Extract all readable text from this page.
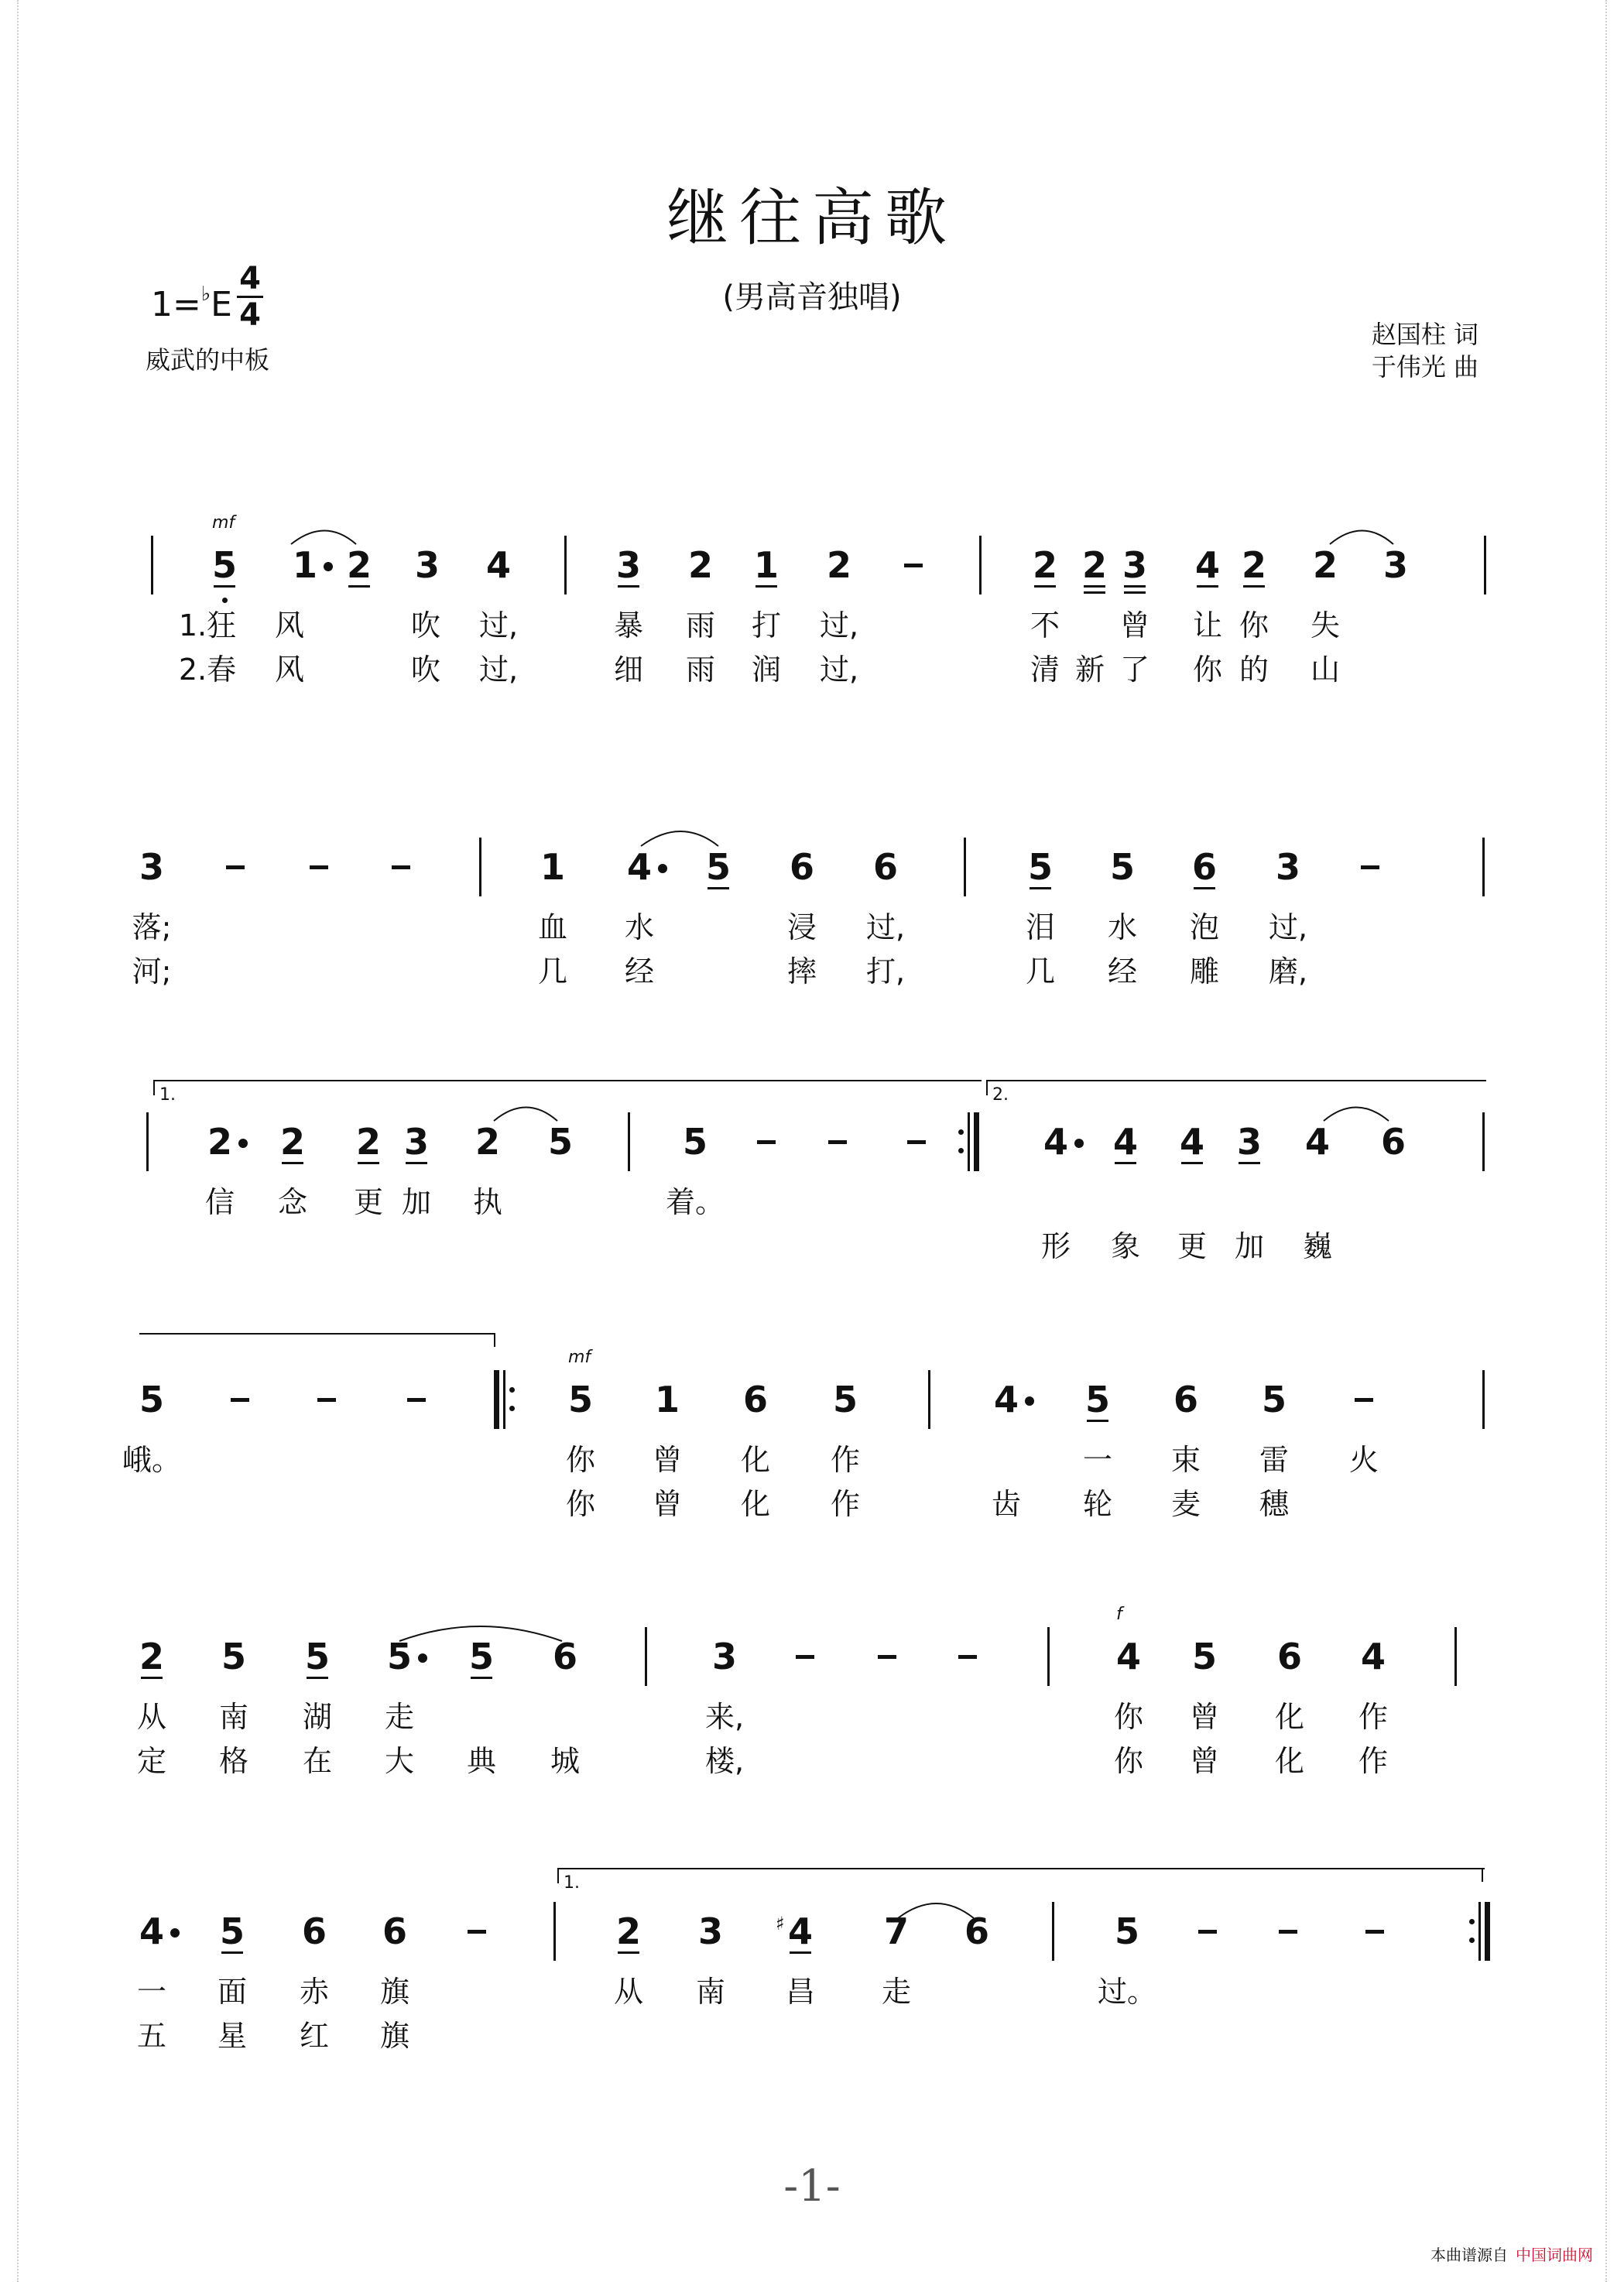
继往高歌
(男高音独唱)
1=♭E
4
4
威武的中板
赵国柱 词
于伟光 曲
5
mf
1 2 3 4	3 2 1 2	2 2 3 4 2 2 3
1.狂	风	吹	过,	暴	雨	打	过,	不	曾	让 你	失
2.春	风	吹	过,	细	雨	润	过,	清 新 了	你 的	山
3	1 4 5 6 6	5 5 6 3
落;	血	水	浸	过,	泪	水	泡	过,
河;	几	经	摔	打,	几	经	雕	磨,
2 2 2 3 2 5	5	4 4 4 3 4 6
信	念	更 加	执	着。
形	象	更 加	巍
1.	2.
5	5
mf
1 6 5	4 5 6 5
峨。	你	曾	化	作	一	束	雷	火
你	曾	化	作	齿	轮	麦	穗
2 5 5 5 5 6	3	4
f
5 6 4
从	南	湖	走	来,	你	曾	化	作
定	格	在	大	典	城	楼,	你	曾	化	作
4 5 6 6	2 3 4
♯	7 6	5
一	面	赤	旗	从	南	昌	走	过。
五	星	红	旗
1.
-1-
本曲谱源自 中国词曲网
